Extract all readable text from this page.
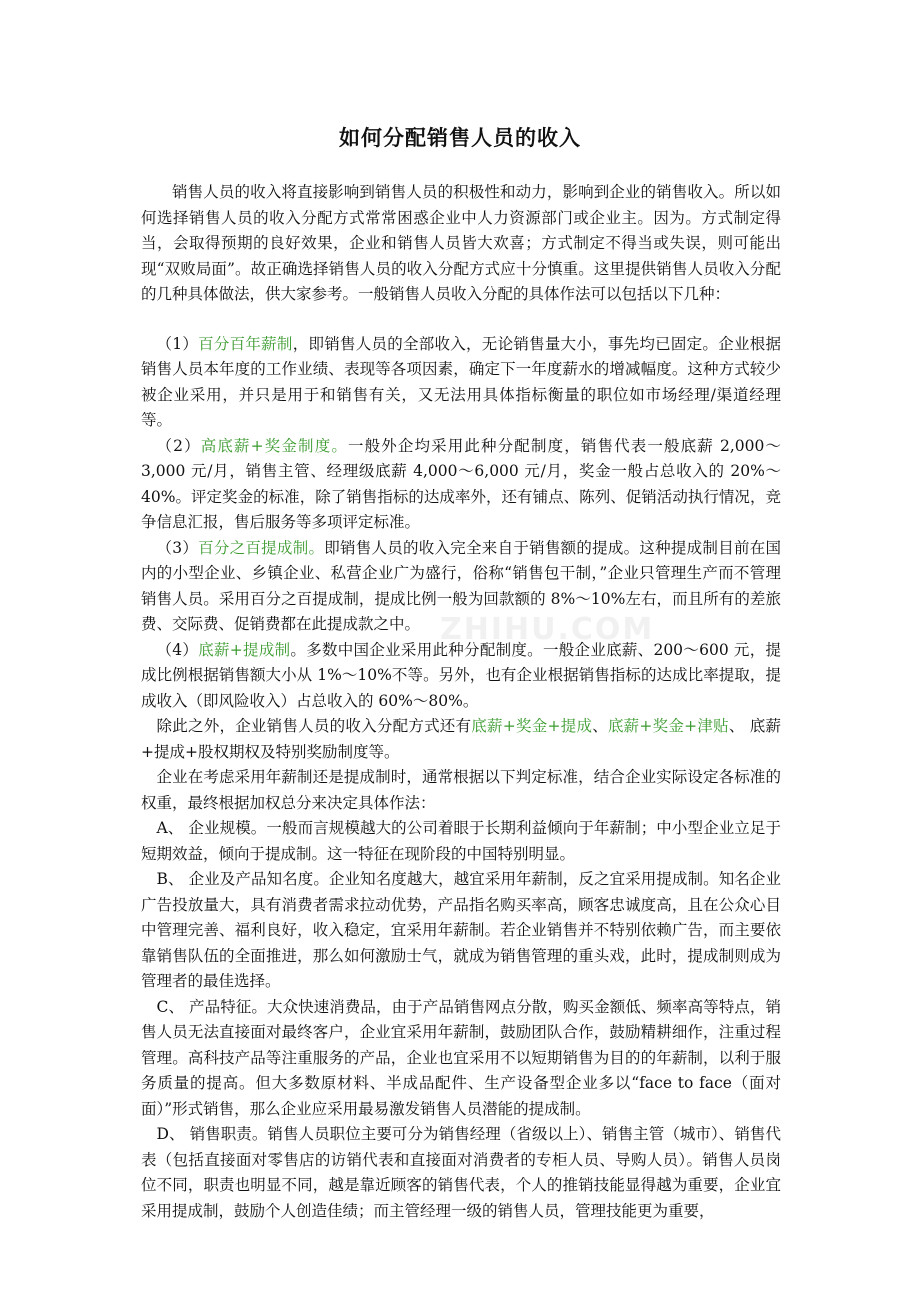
ZHIHU.COM
如何分配销售人员的收入

销售人员的收入将直接影响到销售人员的积极性和动力，影响到企业的销售收入。所以如何选择销售人员的收入分配方式常常困惑企业中人力资源部门或企业主。因为。方式制定得当，会取得预期的良好效果，企业和销售人员皆大欢喜；方式制定不得当或失误，则可能出现“双败局面”。故正确选择销售人员的收入分配方式应十分慎重。这里提供销售人员收入分配的几种具体做法，供大家参考。一般销售人员收入分配的具体作法可以包括以下几种：

（1）百分百年薪制，即销售人员的全部收入，无论销售量大小，事先均已固定。企业根据销售人员本年度的工作业绩、表现等各项因素，确定下一年度薪水的增减幅度。这种方式较少被企业采用，并只是用于和销售有关，又无法用具体指标衡量的职位如市场经理/渠道经理等。

（2）高底薪+奖金制度。一般外企均采用此种分配制度，销售代表一般底薪 2,000～3,000 元/月，销售主管、经理级底薪 4,000～6,000 元/月，奖金一般占总收入的 20%～40%。评定奖金的标准，除了销售指标的达成率外，还有铺点、陈列、促销活动执行情况，竞争信息汇报，售后服务等多项评定标准。

（3）百分之百提成制。即销售人员的收入完全来自于销售额的提成。这种提成制目前在国内的小型企业、乡镇企业、私营企业广为盛行，俗称“销售包干制，”企业只管理生产而不管理销售人员。采用百分之百提成制，提成比例一般为回款额的 8%～10%左右，而且所有的差旅费、交际费、促销费都在此提成款之中。

（4）底薪+提成制。多数中国企业采用此种分配制度。一般企业底薪、200～600 元，提成比例根据销售额大小从 1%～10%不等。另外，也有企业根据销售指标的达成比率提取，提成收入（即风险收入）占总收入的 60%～80%。

除此之外，企业销售人员的收入分配方式还有底薪+奖金+提成、底薪+奖金+津贴、 底薪+提成+股权期权及特别奖励制度等。

企业在考虑采用年薪制还是提成制时，通常根据以下判定标准，结合企业实际设定各标准的权重，最终根据加权总分来决定具体作法：

A、 企业规模。一般而言规模越大的公司着眼于长期利益倾向于年薪制；中小型企业立足于短期效益，倾向于提成制。这一特征在现阶段的中国特别明显。

B、 企业及产品知名度。企业知名度越大，越宜采用年薪制，反之宜采用提成制。知名企业广告投放量大，具有消费者需求拉动优势，产品指名购买率高，顾客忠诚度高，且在公众心目中管理完善、福利良好，收入稳定，宜采用年薪制。若企业销售并不特别依赖广告，而主要依靠销售队伍的全面推进，那么如何激励士气，就成为销售管理的重头戏，此时，提成制则成为管理者的最佳选择。

C、 产品特征。大众快速消费品，由于产品销售网点分散，购买金额低、频率高等特点，销售人员无法直接面对最终客户，企业宜采用年薪制，鼓励团队合作，鼓励精耕细作，注重过程管理。高科技产品等注重服务的产品，企业也宜采用不以短期销售为目的的年薪制，以利于服务质量的提高。但大多数原材料、半成品配件、生产设备型企业多以“face to face（面对面）”形式销售，那么企业应采用最易激发销售人员潜能的提成制。

D、 销售职责。销售人员职位主要可分为销售经理（省级以上）、销售主管（城市）、销售代表（包括直接面对零售店的访销代表和直接面对消费者的专柜人员、导购人员）。销售人员岗位不同，职责也明显不同，越是靠近顾客的销售代表，个人的推销技能显得越为重要，企业宜采用提成制，鼓励个人创造佳绩；而主管经理一级的销售人员，管理技能更为重要，
